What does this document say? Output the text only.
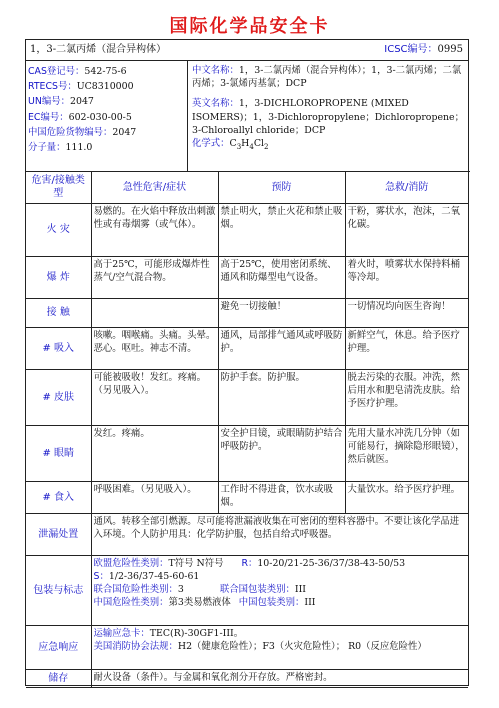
国际化学品安全卡
1，3-二氯丙烯（混合异构体）	ICSC编号：0995
CAS登记号：542-75-6
RTECS号：UC8310000
UN编号：2047
EC编号：602-030-00-5
中国危险货物编号：2047
分子量：111.0
中文名称：1，3-二氯丙烯（混合异构体）；1，3-二氯丙烯；二氯丙烯；3-氯烯丙基氯；DCP
英文名称：1，3-DICHLOROPROPENE (MIXED ISOMERS)；1，3-Dichloropropylene；Dichloropropene；3-Chloroallyl chloride；DCP
化学式：$C_3H_4Cl_2$
危害/接触类型	急性危害/症状	预防	急救/消防
火 灾	易燃的。在火焰中释放出刺激性或有毒烟雾（或气体）。	禁止明火，禁止火花和禁止吸烟。	干粉，雾状水，泡沫，二氧化碳。
爆 炸	高于25℃，可能形成爆炸性蒸气/空气混合物。	高于25℃，使用密闭系统、通风和防爆型电气设备。	着火时，喷雾状水保持料桶等冷却。
接 触		避免一切接触！	一切情况均向医生咨询！
# 吸入	咳嗽。咽喉痛。头痛。头晕。恶心。呕吐。神志不清。	通风，局部排气通风或呼吸防护。	新鲜空气，休息。给予医疗护理。
# 皮肤	可能被吸收！发红。疼痛。（另见吸入）。	防护手套。防护服。	脱去污染的衣服。冲洗，然后用水和肥皂清洗皮肤。给予医疗护理。
# 眼睛	发红。疼痛。	安全护目镜，或眼睛防护结合呼吸防护。	先用大量水冲洗几分钟（如可能易行，摘除隐形眼镜），然后就医。
# 食入	呼吸困难。（另见吸入）。	工作时不得进食，饮水或吸烟。	大量饮水。给予医疗护理。
泄漏处置	通风。转移全部引燃源。尽可能将泄漏液收集在可密闭的塑料容器中。不要让该化学品进入环境。个人防护用具：化学防护服，包括自给式呼吸器。		
包装与标志	欧盟危险性类别：T符号 N符号 R：10-20/21-25-36/37/38-43-50/53
S：1/2-36/37-45-60-61
联合国危险性类别：3 联合国包装类别：III
中国危险性类别：第3类易燃液体 中国包装类别：III		

应急响应	运输应急卡：TEC(R)-30GF1-III。
美国消防协会法规：H2（健康危险性）；F3（火灾危险性）； R0（反应危险性）		

储存	耐火设备（条件）。与金属和氧化剂分开存放。严格密封。		
